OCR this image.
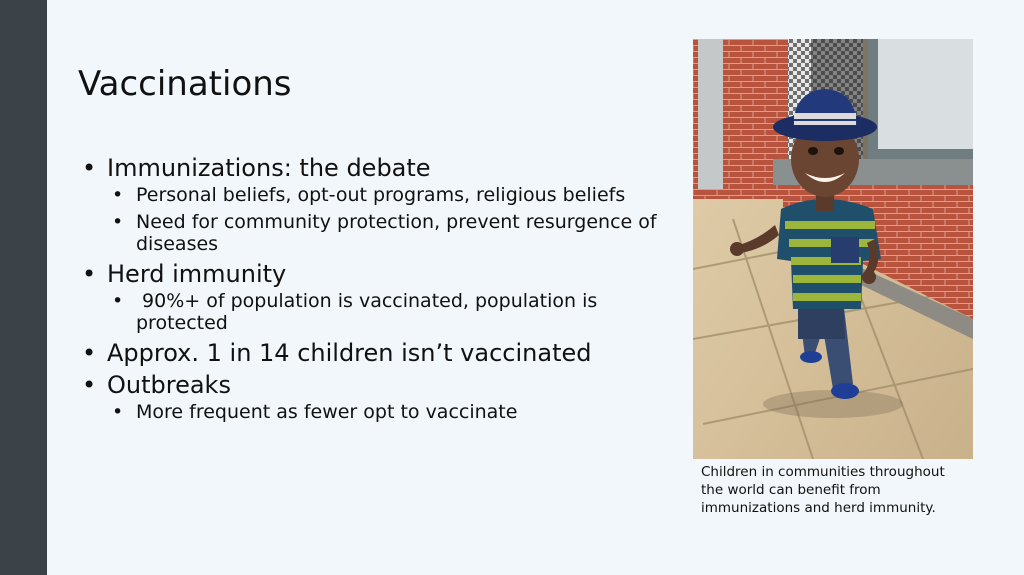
Vaccinations
• Immunizations: the debate
• Personal beliefs, opt-out programs, religious beliefs
• Need for community protection, prevent resurgence of diseases
• Herd immunity
•  90%+ of population is vaccinated, population is protected
• Approx. 1 in 14 children isn’t vaccinated
• Outbreaks
• More frequent as fewer opt to vaccinate
Children in communities throughout the world can benefit from immunizations and herd immunity.
